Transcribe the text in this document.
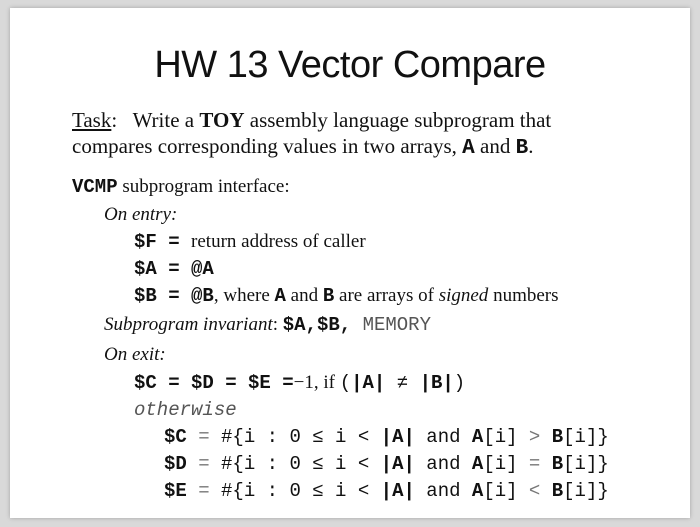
HW 13 Vector Compare
Task: Write a TOY assembly language subprogram that
compares corresponding values in two arrays, A and B.
VCMP subprogram interface:
On entry:
$F = return address of caller
$A = @A
$B = @B, where A and B are arrays of signed numbers
Subprogram invariant: $A,$B, MEMORY
On exit:
$C = $D = $E =−1, if (|A| ≠ |B|)
otherwise
$C = #{i : 0 ≤ i < |A| and A[i] > B[i]}
$D = #{i : 0 ≤ i < |A| and A[i] = B[i]}
$E = #{i : 0 ≤ i < |A| and A[i] < B[i]}
